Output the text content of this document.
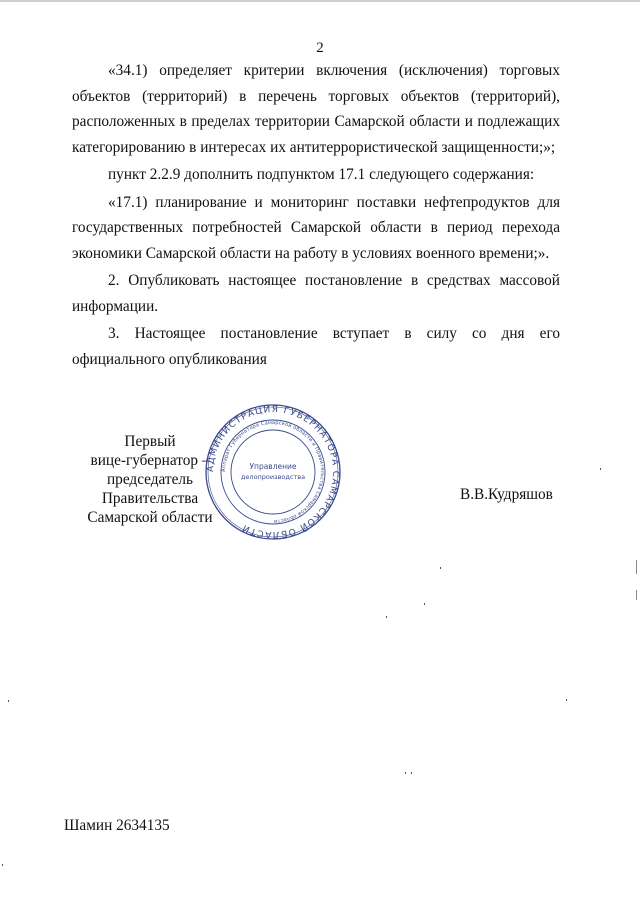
2

«34.1) определяет критерии включения (исключения) торговых объектов (территорий) в перечень торговых объектов (территорий), расположенных в пределах территории Самарской области и подлежащих категорированию в интересах их антитеррористической защищенности;»;

пункт 2.2.9 дополнить подпунктом 17.1 следующего содержания:

«17.1) планирование и мониторинг поставки нефтепродуктов для государственных потребностей Самарской области в период перехода экономики Самарской области на работу в условиях военного времени;».

2. Опубликовать настоящее постановление в средствах массовой информации.

3. Настоящее постановление вступает в силу со дня его официального опубликования

Первый
вице-губернатор –
председатель Правительства
Самарской области
АДМИНИСТРАЦИЯ ГУБЕРНАТОРА САМАРСКОЙ ОБЛАСТИ
Аппарат Губернатора Самарской области и Правительства Самарской области
Управление
делопроизводства
В.В.Кудряшов
Шамин 2634135
